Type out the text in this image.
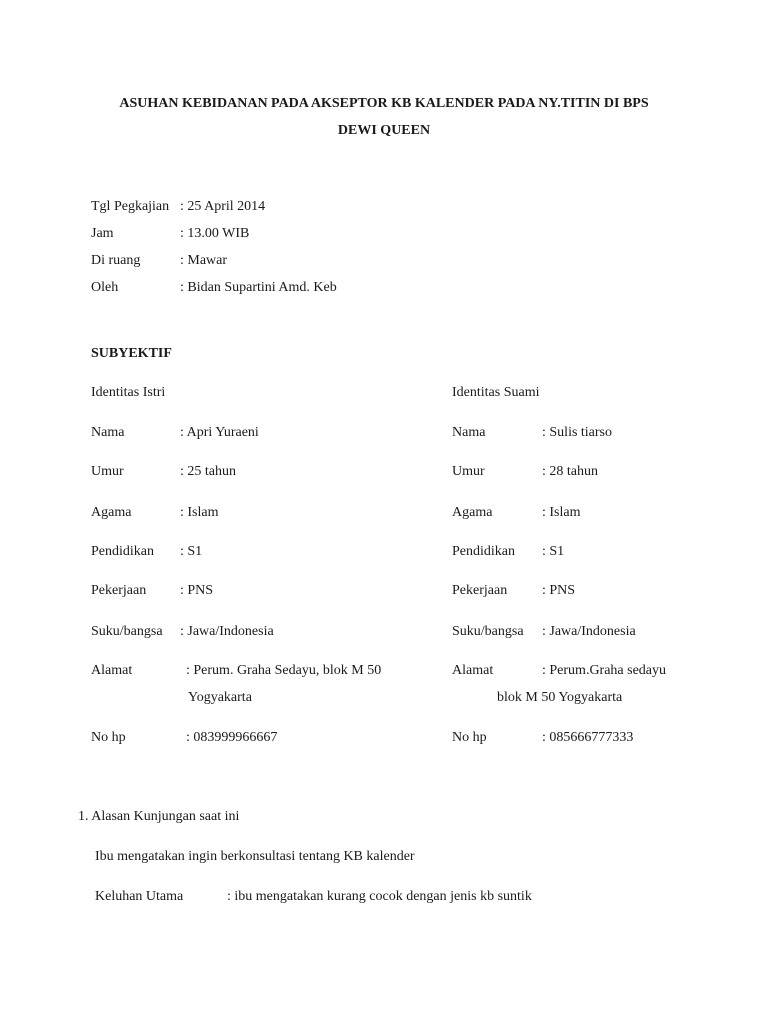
ASUHAN KEBIDANAN PADA AKSEPTOR KB KALENDER PADA NY.TITIN DI BPS
DEWI QUEEN
Tgl Pegkajian : 25 April 2014
Jam	: 13.00 WIB
Di ruang	: Mawar
Oleh	: Bidan Supartini Amd. Keb
SUBYEKTIF
Identitas Istri
Nama	: Apri Yuraeni
Umur	: 25 tahun
Agama	: Islam
Pendidikan : S1
Pekerjaan : PNS
Suku/bangsa : Jawa/Indonesia
Alamat	: Perum. Graha Sedayu, blok M 50
Yogyakarta
No hp	: 083999966667
Identitas Suami
Nama	: Sulis tiarso
Umur	: 28 tahun
Agama	: Islam
Pendidikan : S1
Pekerjaan : PNS
Suku/bangsa : Jawa/Indonesia
Alamat	: Perum.Graha sedayu
blok M 50 Yogyakarta
No hp	: 085666777333
1. Alasan Kunjungan saat ini
Ibu mengatakan ingin berkonsultasi tentang KB kalender
Keluhan Utama	: ibu mengatakan kurang cocok dengan jenis kb suntik
